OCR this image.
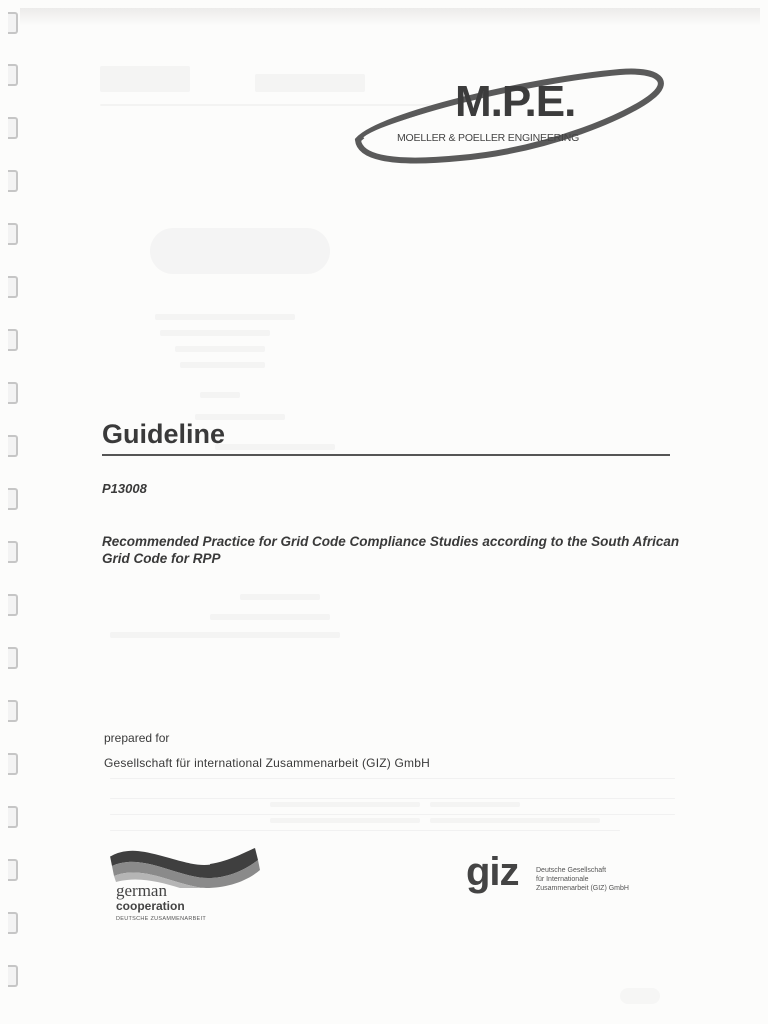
M.P.E.
MOELLER & POELLER ENGINEERING
Guideline
P13008
Recommended Practice for Grid Code Compliance Studies according to the South African Grid Code for RPP
prepared for
Gesellschaft für international Zusammenarbeit (GIZ) GmbH
german
cooperation
DEUTSCHE ZUSAMMENARBEIT
giz Deutsche Gesellschaft
für Internationale
Zusammenarbeit (GIZ) GmbH
